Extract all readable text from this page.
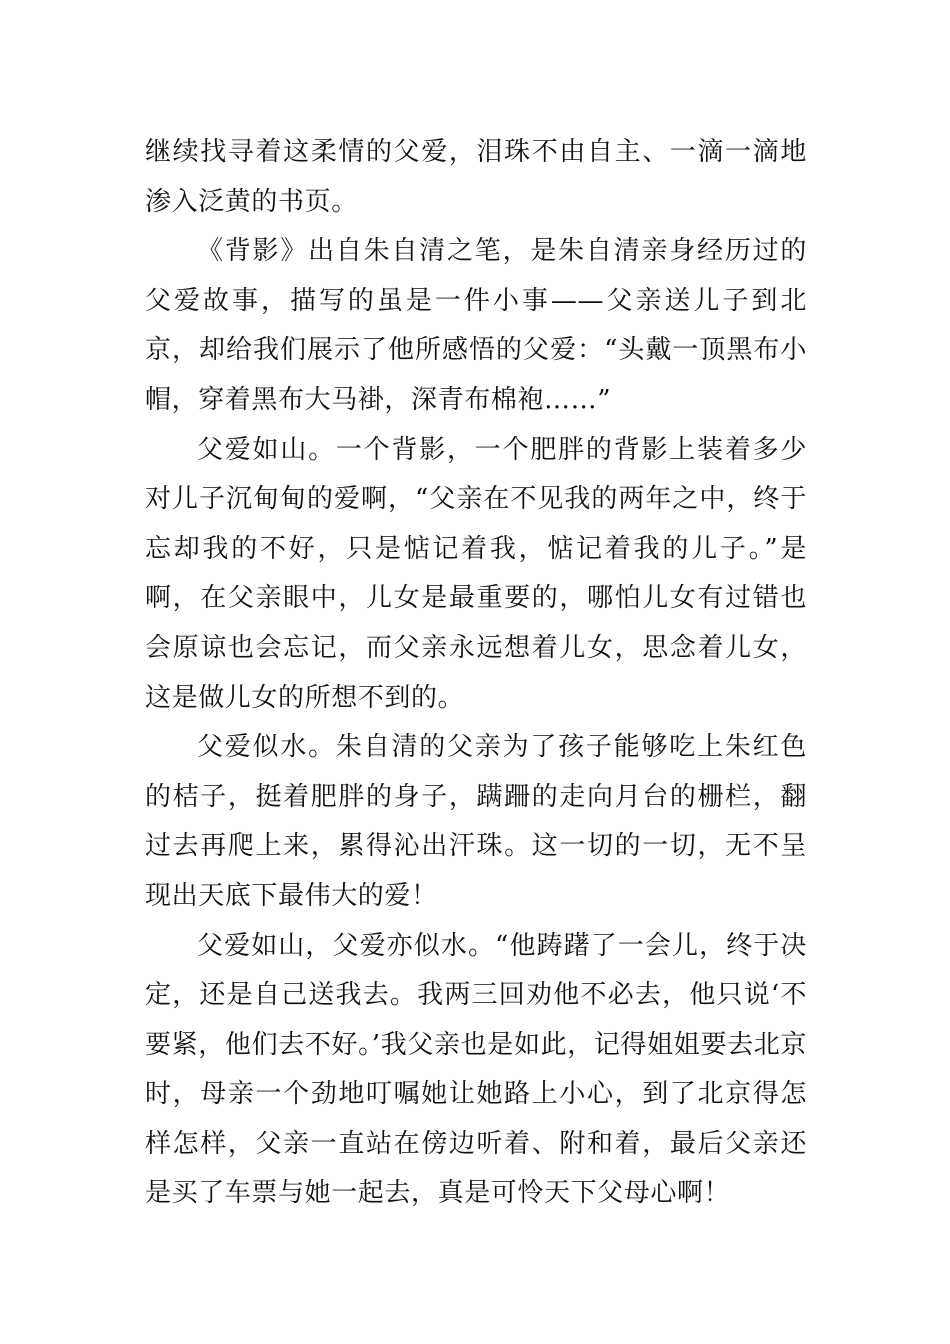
继续找寻着这柔情的父爱，泪珠不由自主、一滴一滴地渗入泛黄的书页。

《背影》出自朱自清之笔，是朱自清亲身经历过的父爱故事，描写的虽是一件小事——父亲送儿子到北京，却给我们展示了他所感悟的父爱：“头戴一顶黑布小帽，穿着黑布大马褂，深青布棉袍……”

父爱如山。一个背影，一个肥胖的背影上装着多少对儿子沉甸甸的爱啊，“父亲在不见我的两年之中，终于忘却我的不好，只是惦记着我，惦记着我的儿子。”是啊，在父亲眼中，儿女是最重要的，哪怕儿女有过错也会原谅也会忘记，而父亲永远想着儿女，思念着儿女，这是做儿女的所想不到的。

父爱似水。朱自清的父亲为了孩子能够吃上朱红色的桔子，挺着肥胖的身子，蹒跚的走向月台的栅栏，翻过去再爬上来，累得沁出汗珠。这一切的一切，无不呈现出天底下最伟大的爱！

父爱如山，父爱亦似水。“他踌躇了一会儿，终于决定，还是自己送我去。我两三回劝他不必去，他只说‘不要紧，他们去不好。’我父亲也是如此，记得姐姐要去北京时，母亲一个劲地叮嘱她让她路上小心，到了北京得怎样怎样，父亲一直站在傍边听着、附和着，最后父亲还是买了车票与她一起去，真是可怜天下父母心啊！
